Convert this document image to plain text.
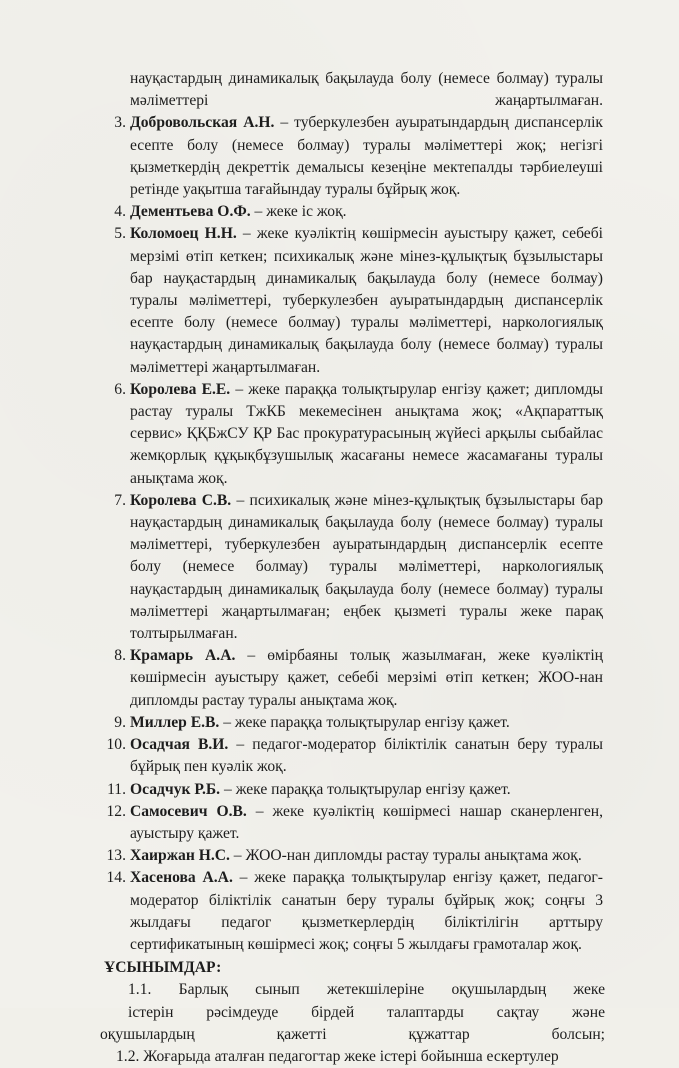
науқастардың динамикалық бақылауда болу (немесе болмау) туралы мәліметтері жаңартылмаған.
3. Добровольская А.Н. – туберкулезбен ауыратындардың диспансерлік есепте болу (немесе болмау) туралы мәліметтері жоқ; негізгі қызметкердің декреттік демалысы кезеңіне мектепалды тәрбиелеуші ретінде уақытша тағайындау туралы бұйрық жоқ.
4. Дементьева О.Ф. – жеке іс жоқ.
5. Коломоец Н.Н. – жеке куәліктің көшірмесін ауыстыру қажет, себебі мерзімі өтіп кеткен; психикалық және мінез-құлықтық бұзылыстары бар науқастардың динамикалық бақылауда болу (немесе болмау) туралы мәліметтері, туберкулезбен ауыратындардың диспансерлік есепте болу (немесе болмау) туралы мәліметтері, наркологиялық науқастардың динамикалық бақылауда болу (немесе болмау) туралы мәліметтері жаңартылмаған.
6. Королева Е.Е. – жеке параққа толықтырулар енгізу қажет; дипломды растау туралы ТжКБ мекемесінен анықтама жоқ; «Ақпараттық сервис» ҚҚБжСУ ҚР Бас прокуратурасының жүйесі арқылы сыбайлас жемқорлық құқықбұзушылық жасағаны немесе жасамағаны туралы анықтама жоқ.
7. Королева С.В. – психикалық және мінез-құлықтық бұзылыстары бар науқастардың динамикалық бақылауда болу (немесе болмау) туралы мәліметтері, туберкулезбен ауыратындардың диспансерлік есепте болу (немесе болмау) туралы мәліметтері, наркологиялық науқастардың динамикалық бақылауда болу (немесе болмау) туралы мәліметтері жаңартылмаған; еңбек қызметі туралы жеке парақ толтырылмаған.
8. Крамарь А.А. – өмірбаяны толық жазылмаған, жеке куәліктің көшірмесін ауыстыру қажет, себебі мерзімі өтіп кеткен; ЖОО-нан дипломды растау туралы анықтама жоқ.
9. Миллер Е.В. – жеке параққа толықтырулар енгізу қажет.
10. Осадчая В.И. – педагог-модератор біліктілік санатын беру туралы бұйрық пен куәлік жоқ.
11. Осадчук Р.Б. – жеке параққа толықтырулар енгізу қажет.
12. Самосевич О.В. – жеке куәліктің көшірмесі нашар сканерленген, ауыстыру қажет.
13. Хаиржан Н.С. – ЖОО-нан дипломды растау туралы анықтама жоқ.
14. Хасенова А.А. – жеке параққа толықтырулар енгізу қажет, педагог-модератор біліктілік санатын беру туралы бұйрық жоқ; соңғы 3 жылдағы педагог қызметкерлердің біліктілігін арттыру сертификатының көшірмесі жоқ; соңғы 5 жылдағы грамоталар жоқ.
ҰСЫНЫМДАР:
1.1. Барлық сынып жетекшілеріне оқушылардың жеке
істерін рәсімдеуде бірдей талаптарды сақтау және
оқушылардың қажетті құжаттар болсын;
1.2. Жоғарыда аталған педагогтар жеке істері бойынша ескертулер
